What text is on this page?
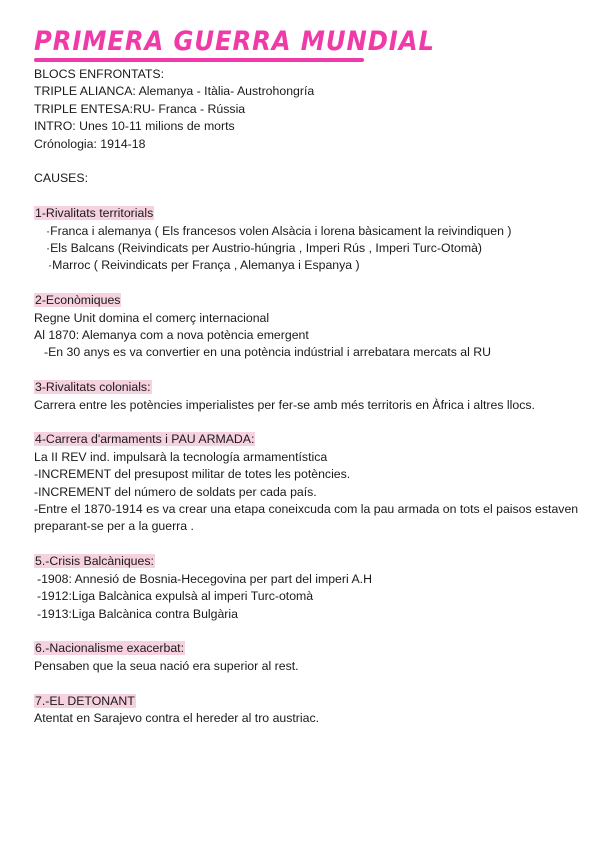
PRIMERA GUERRA MUNDIAL
BLOCS ENFRONTATS:
TRIPLE ALIANCA: Alemanya - Itàlia- Austrohongría
TRIPLE ENTESA:RU- Franca - Rússia
INTRO: Unes 10-11 milions de morts
Crónologia: 1914-18
CAUSES:
1-Rivalitats territorials
·Franca i alemanya ( Els francesos volen Alsàcia i lorena bàsicament la reivindiquen )
·Els Balcans (Reivindicats per Austrio-húngria , Imperi Rús , Imperi Turc-Otomà)
·Marroc ( Reivindicats per França , Alemanya i Espanya )
2-Econòmiques
Regne Unit domina el comerç internacional
Al 1870: Alemanya com a nova potència emergent
-En 30 anys es va convertier en una potència indústrial i arrebatara mercats al RU
3-Rivalitats colonials:
Carrera entre les potències imperialistes per fer-se amb més territoris en Àfrica i altres llocs.
4-Carrera d'armaments i PAU ARMADA:
La II REV ind. impulsarà la tecnología armamentística
-INCREMENT del presupost militar de totes les potències.
-INCREMENT del número de soldats per cada país.
-Entre el 1870-1914 es va crear una etapa coneixcuda com la pau armada on tots el paisos estaven preparant-se per a la guerra .
5.-Crisis Balcàniques:
-1908: Annesió de Bosnia-Hecegovina per part del imperi A.H
-1912:Liga Balcànica expulsà al imperi Turc-otomà
-1913:Liga Balcànica contra Bulgària
6.-Nacionalisme exacerbat:
Pensaben que la seua nació era superior al rest.
7.-EL DETONANT
Atentat en Sarajevo contra el hereder al tro austriac.
